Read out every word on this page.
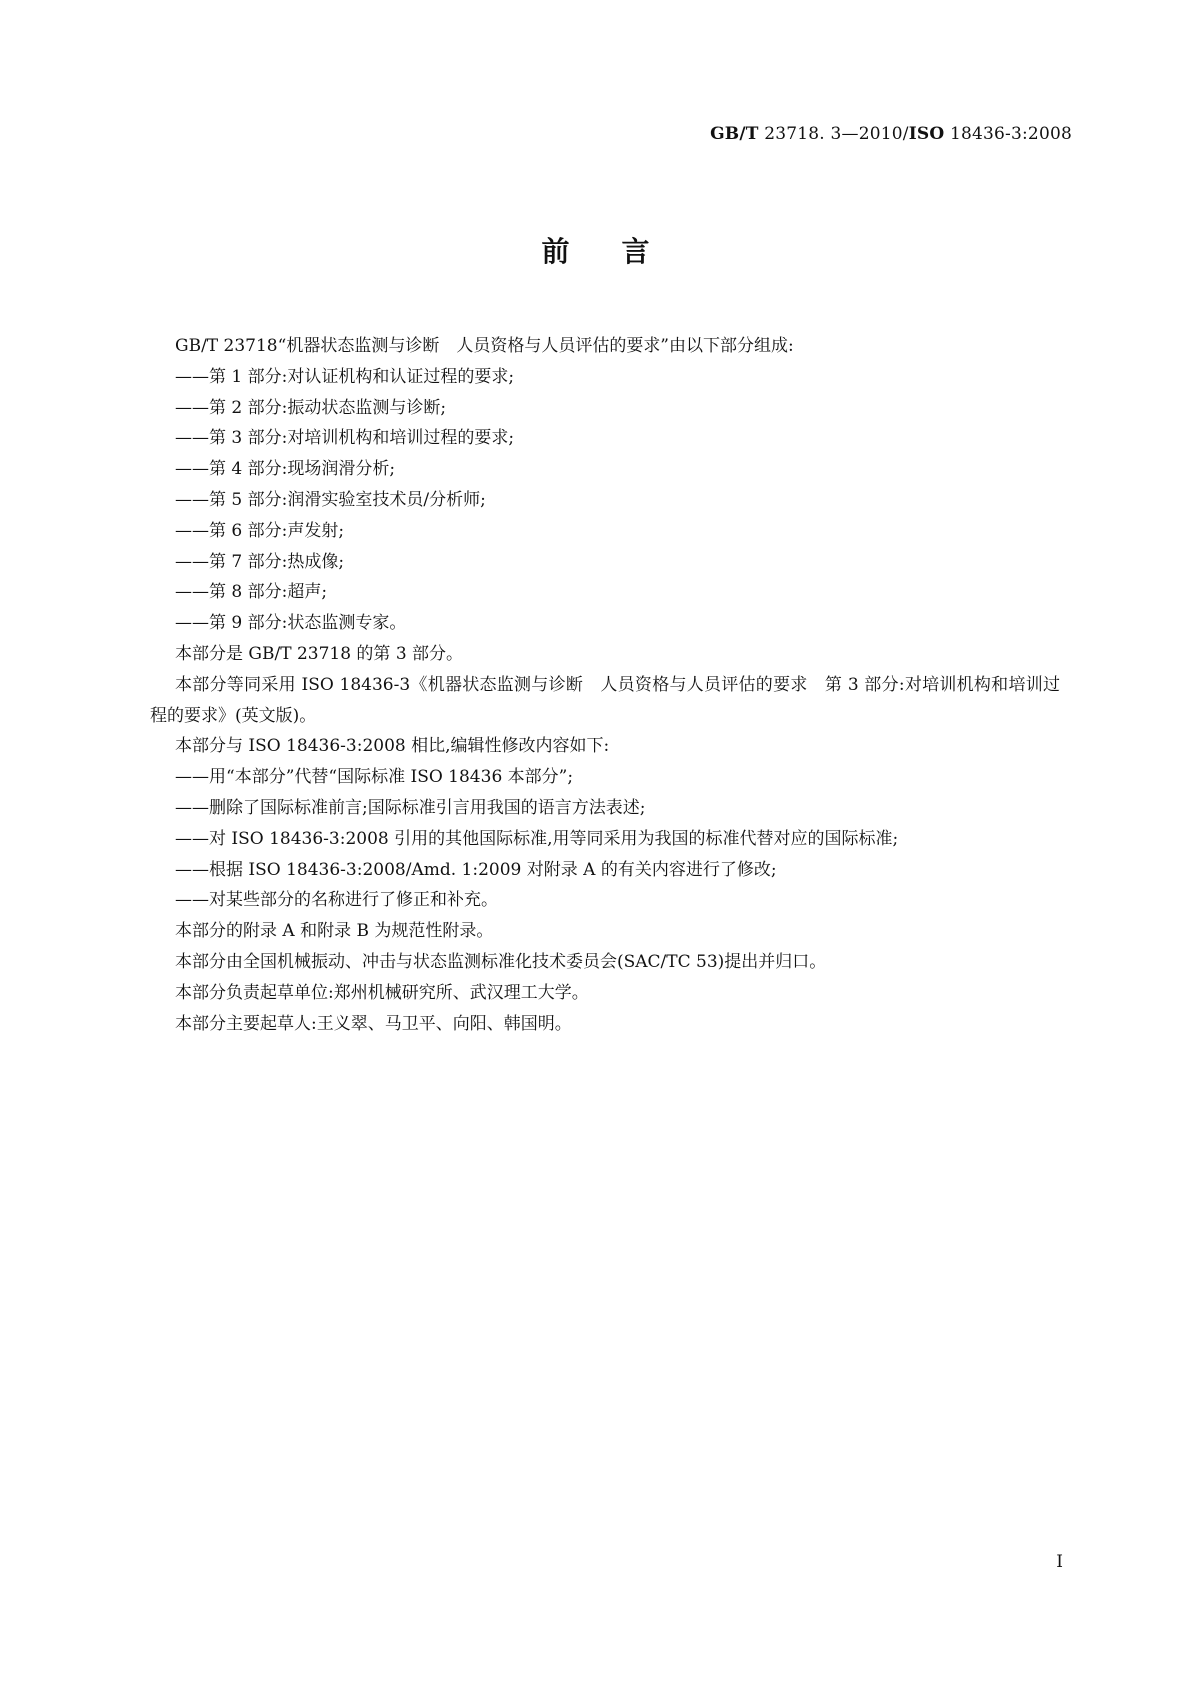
GB/T 23718. 3—2010/ISO 18436-3:2008
前言

GB/T 23718“机器状态监测与诊断　人员资格与人员评估的要求”由以下部分组成:

——第 1 部分:对认证机构和认证过程的要求;

——第 2 部分:振动状态监测与诊断;

——第 3 部分:对培训机构和培训过程的要求;

——第 4 部分:现场润滑分析;

——第 5 部分:润滑实验室技术员/分析师;

——第 6 部分:声发射;

——第 7 部分:热成像;

——第 8 部分:超声;

——第 9 部分:状态监测专家。

本部分是 GB/T 23718 的第 3 部分。

本部分等同采用 ISO 18436-3《机器状态监测与诊断　人员资格与人员评估的要求　第 3 部分:对培训机构和培训过程的要求》(英文版)。

本部分与 ISO 18436-3:2008 相比,编辑性修改内容如下:

——用“本部分”代替“国际标准 ISO 18436 本部分”;

——删除了国际标准前言;国际标准引言用我国的语言方法表述;

——对 ISO 18436-3:2008 引用的其他国际标准,用等同采用为我国的标准代替对应的国际标准;

——根据 ISO 18436-3:2008/Amd. 1:2009 对附录 A 的有关内容进行了修改;

——对某些部分的名称进行了修正和补充。

本部分的附录 A 和附录 B 为规范性附录。

本部分由全国机械振动、冲击与状态监测标准化技术委员会(SAC/TC 53)提出并归口。

本部分负责起草单位:郑州机械研究所、武汉理工大学。

本部分主要起草人:王义翠、马卫平、向阳、韩国明。

I
